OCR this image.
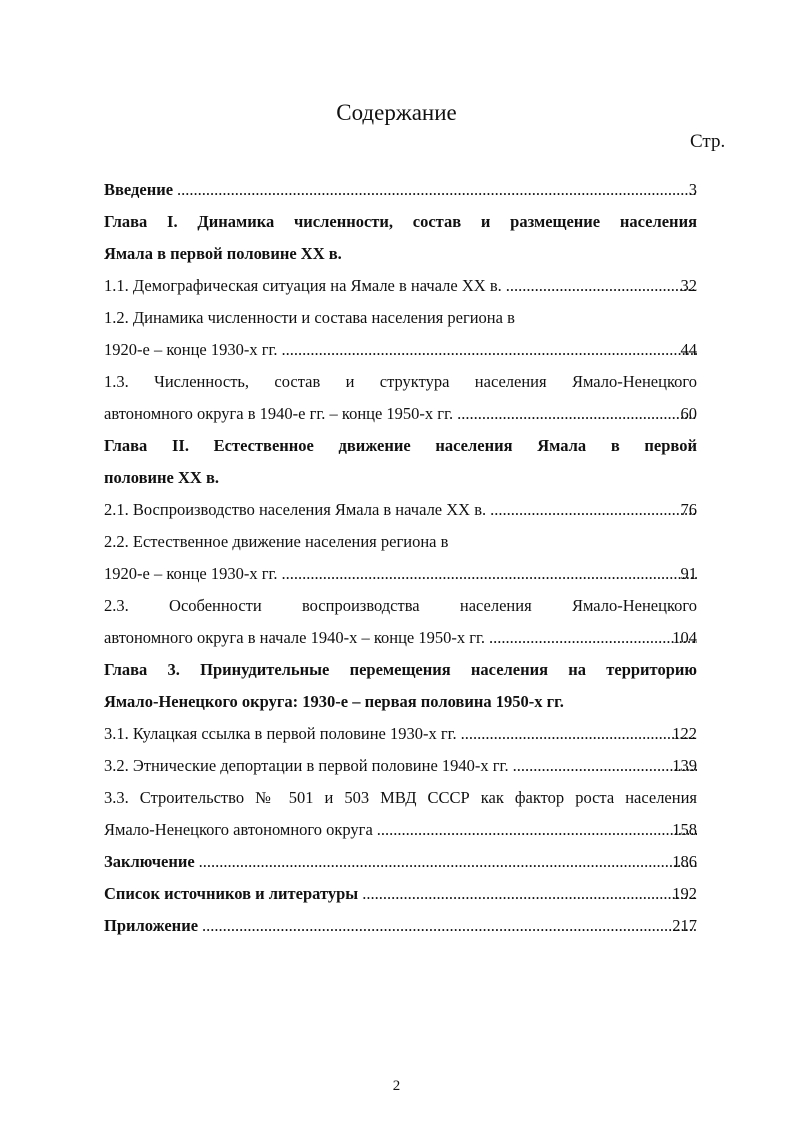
Содержание
Стр.
Введение .....	3
Глава I. Динамика численности, состав и размещение населения
Ямала в первой половине XX в.
1.1. Демографическая ситуация на Ямале в начале XX в. .....	32
1.2. Динамика численности и состава населения региона в
1920-е – конце 1930-х гг. .....	44
1.3. Численность, состав и структура населения Ямало-Ненецкого
автономного округа в 1940-е гг. – конце 1950-х гг. .....	60
Глава II. Естественное движение населения Ямала в первой
половине XX в.
2.1. Воспроизводство населения Ямала в начале XX в. .....	76
2.2. Естественное движение населения региона в
1920-е – конце 1930-х гг. .....	91
2.3. Особенности воспроизводства населения Ямало-Ненецкого
автономного округа в начале 1940-х – конце 1950-х гг. .....	104
Глава 3. Принудительные перемещения населения на территорию
Ямало-Ненецкого округа: 1930-е – первая половина 1950-х гг.
3.1. Кулацкая ссылка в первой половине 1930-х гг. .....	122
3.2. Этнические депортации в первой половине 1940-х гг. .....	139
3.3. Строительство № 501 и 503 МВД СССР как фактор роста населения
Ямало-Ненецкого автономного округа .....	158
Заключение .....	186
Список источников и литературы .....	192
Приложение .....	217
2
